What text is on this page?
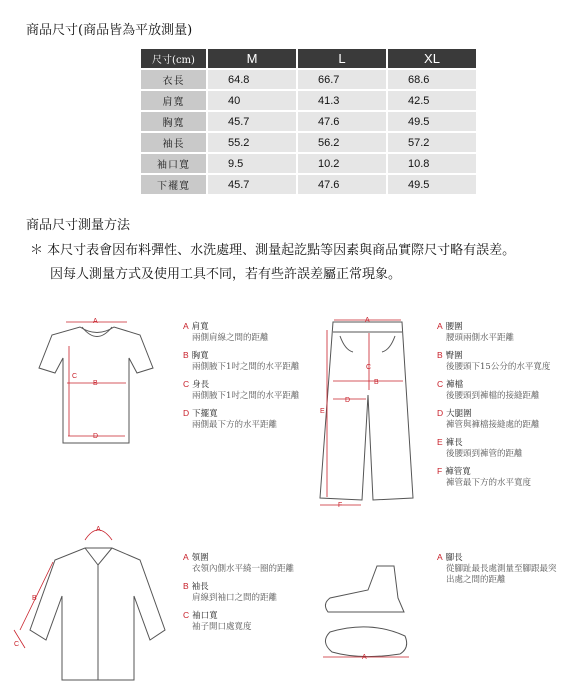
商品尺寸(商品皆為平放測量)
尺寸(cm)	M	L	XL
衣長	64.8	66.7	68.6
肩寬	40	41.3	42.5
胸寬	45.7	47.6	49.5
袖長	55.2	56.2	57.2
袖口寬	9.5	10.2	10.8
下襬寬	45.7	47.6	49.5
商品尺寸測量方法
＊ 本尺寸表會因布料彈性、水洗處理、測量起訖點等因素與商品實際尺寸略有誤差。
因每人測量方式及使用工具不同，若有些許誤差屬正常現象。
A
B
C
D
A
B
C
D
E
F
A
B
C
A
A 肩寬
兩側肩線之間的距離
B 胸寬
兩側腋下1吋之間的水平距離
C 身長
兩側腋下1吋之間的水平距離
D 下擺寬
兩側最下方的水平距離
A 腰圍
腰頭兩側水平距離
B 臀圍
後腰頭下15公分的水平寬度
C 褲檔
後腰頭到褲檔的接縫距離
D 大腿圍
褲管與褲檔接縫處的距離
E 褲長
後腰頭到褲管的距離
F 褲管寬
褲管最下方的水平寬度
A 領圍
衣領內側水平繞一圈的距離
B 袖長
肩線到袖口之間的距離
C 袖口寬
袖子開口處寬度
A 腳長
從腳趾最長處測量至腳跟最突出處之間的距離
